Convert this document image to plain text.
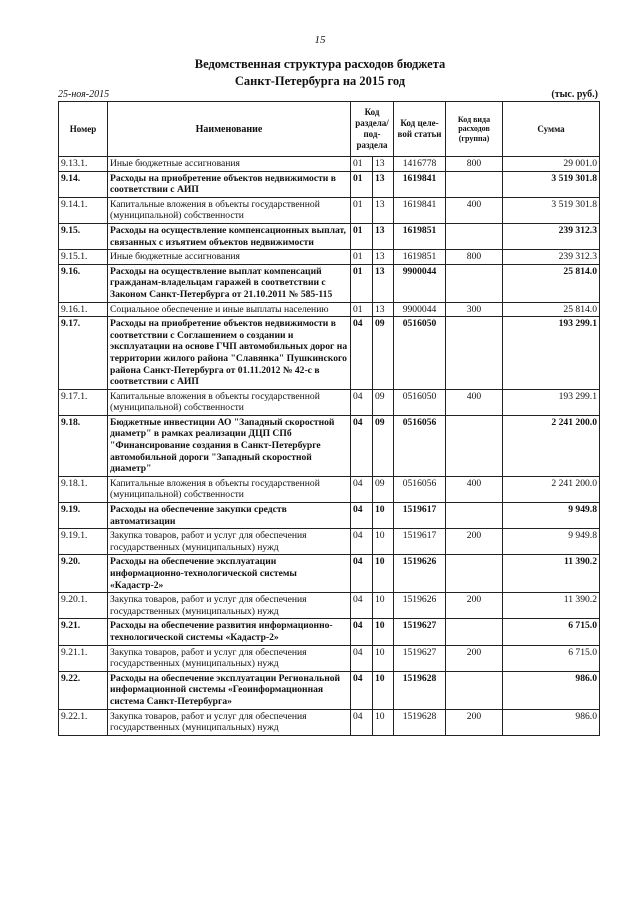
15
Ведомственная структура расходов бюджета
Санкт-Петербурга на 2015 год
25-ноя-2015	(тыс. руб.)
Номер	Наименование	Код раздела/ под- раздела		Код целе- вой статьи	Код вида расходов (группа)	Сумма
9.13.1.	Иные бюджетные ассигнования	01	13	1416778	800	29 001.0
9.14.	Расходы на приобретение объектов недвижимости в соответствии с АИП	01	13	1619841		3 519 301.8
9.14.1.	Капитальные вложения в объекты государственной (муниципальной) собственности	01	13	1619841	400	3 519 301.8
9.15.	Расходы на осуществление компенсационных выплат, связанных с изъятием объектов недвижимости	01	13	1619851		239 312.3
9.15.1.	Иные бюджетные ассигнования	01	13	1619851	800	239 312.3
9.16.	Расходы на осуществление выплат компенсаций гражданам-владельцам гаражей в соответствии с Законом Санкт-Петербурга от 21.10.2011 № 585-115	01	13	9900044		25 814.0
9.16.1.	Социальное обеспечение и иные выплаты населению	01	13	9900044	300	25 814.0
9.17.	Расходы на приобретение объектов недвижимости в соответствии с Соглашением о создании и эксплуатации на основе ГЧП автомобильных дорог на территории жилого района "Славянка" Пушкинского района Санкт-Петербурга от 01.11.2012 № 42-с в соответствии с АИП	04	09	0516050		193 299.1
9.17.1.	Капитальные вложения в объекты государственной (муниципальной) собственности	04	09	0516050	400	193 299.1
9.18.	Бюджетные инвестиции АО "Западный скоростной диаметр" в рамках реализации ДЦП СПб "Финансирование создания в Санкт-Петербурге автомобильной дороги "Западный скоростной диаметр"	04	09	0516056		2 241 200.0
9.18.1.	Капитальные вложения в объекты государственной (муниципальной) собственности	04	09	0516056	400	2 241 200.0
9.19.	Расходы на обеспечение закупки средств автоматизации	04	10	1519617		9 949.8
9.19.1.	Закупка товаров, работ и услуг для обеспечения государственных (муниципальных) нужд	04	10	1519617	200	9 949.8
9.20.	Расходы на обеспечение эксплуатации информационно-технологической системы «Кадастр-2»	04	10	1519626		11 390.2
9.20.1.	Закупка товаров, работ и услуг для обеспечения государственных (муниципальных) нужд	04	10	1519626	200	11 390.2
9.21.	Расходы на обеспечение развития информационно-технологической системы «Кадастр-2»	04	10	1519627		6 715.0
9.21.1.	Закупка товаров, работ и услуг для обеспечения государственных (муниципальных) нужд	04	10	1519627	200	6 715.0
9.22.	Расходы на обеспечение эксплуатации Региональной информационной системы «Геоинформационная система Санкт-Петербурга»	04	10	1519628		986.0
9.22.1.	Закупка товаров, работ и услуг для обеспечения государственных (муниципальных) нужд	04	10	1519628	200	986.0
